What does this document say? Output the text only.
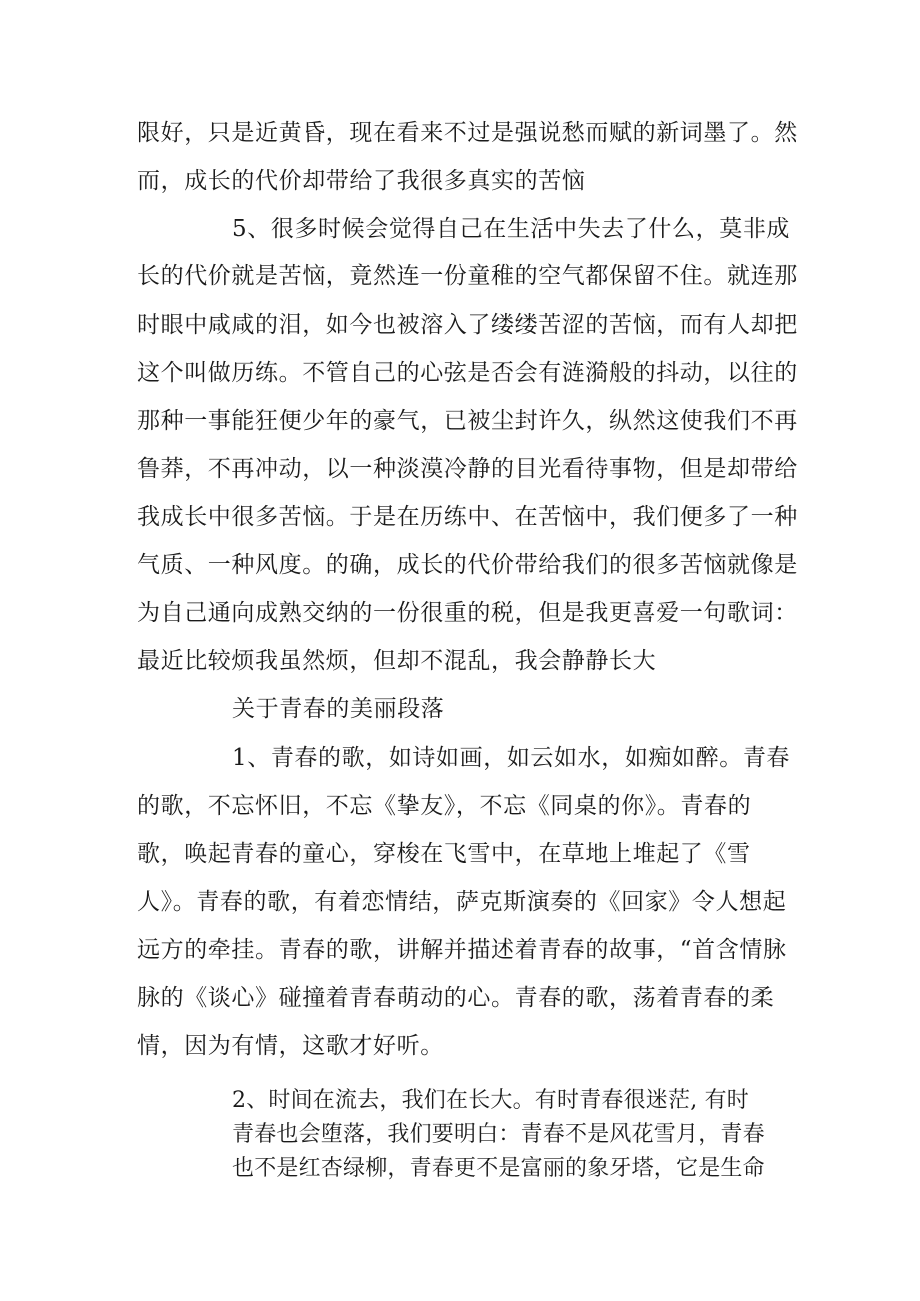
限好，只是近黄昏，现在看来不过是强说愁而赋的新词墨了。然
而，成长的代价却带给了我很多真实的苦恼
5、很多时候会觉得自己在生活中失去了什么，莫非成
长的代价就是苦恼，竟然连一份童稚的空气都保留不住。就连那
时眼中咸咸的泪，如今也被溶入了缕缕苦涩的苦恼，而有人却把
这个叫做历练。不管自己的心弦是否会有涟漪般的抖动，以往的
那种一事能狂便少年的豪气，已被尘封许久，纵然这使我们不再
鲁莽，不再冲动，以一种淡漠冷静的目光看待事物，但是却带给
我成长中很多苦恼。于是在历练中、在苦恼中，我们便多了一种
气质、一种风度。的确，成长的代价带给我们的很多苦恼就像是
为自己通向成熟交纳的一份很重的税，但是我更喜爱一句歌词：
最近比较烦我虽然烦，但却不混乱，我会静静长大
关于青春的美丽段落
1、青春的歌，如诗如画，如云如水，如痴如醉。青春
的歌，不忘怀旧，不忘《挚友》，不忘《同桌的你》。青春的
歌，唤起青春的童心，穿梭在飞雪中，在草地上堆起了《雪
人》。青春的歌，有着恋情结，萨克斯演奏的《回家》令人想起
远方的牵挂。青春的歌，讲解并描述着青春的故事，“首含情脉
脉的《谈心》碰撞着青春萌动的心。青春的歌，荡着青春的柔
情，因为有情，这歌才好听。
2、时间在流去，我们在长大。有时青春很迷茫, 有时
青春也会堕落，我们要明白：青春不是风花雪月，青春
也不是红杏绿柳，青春更不是富丽的象牙塔，它是生命
